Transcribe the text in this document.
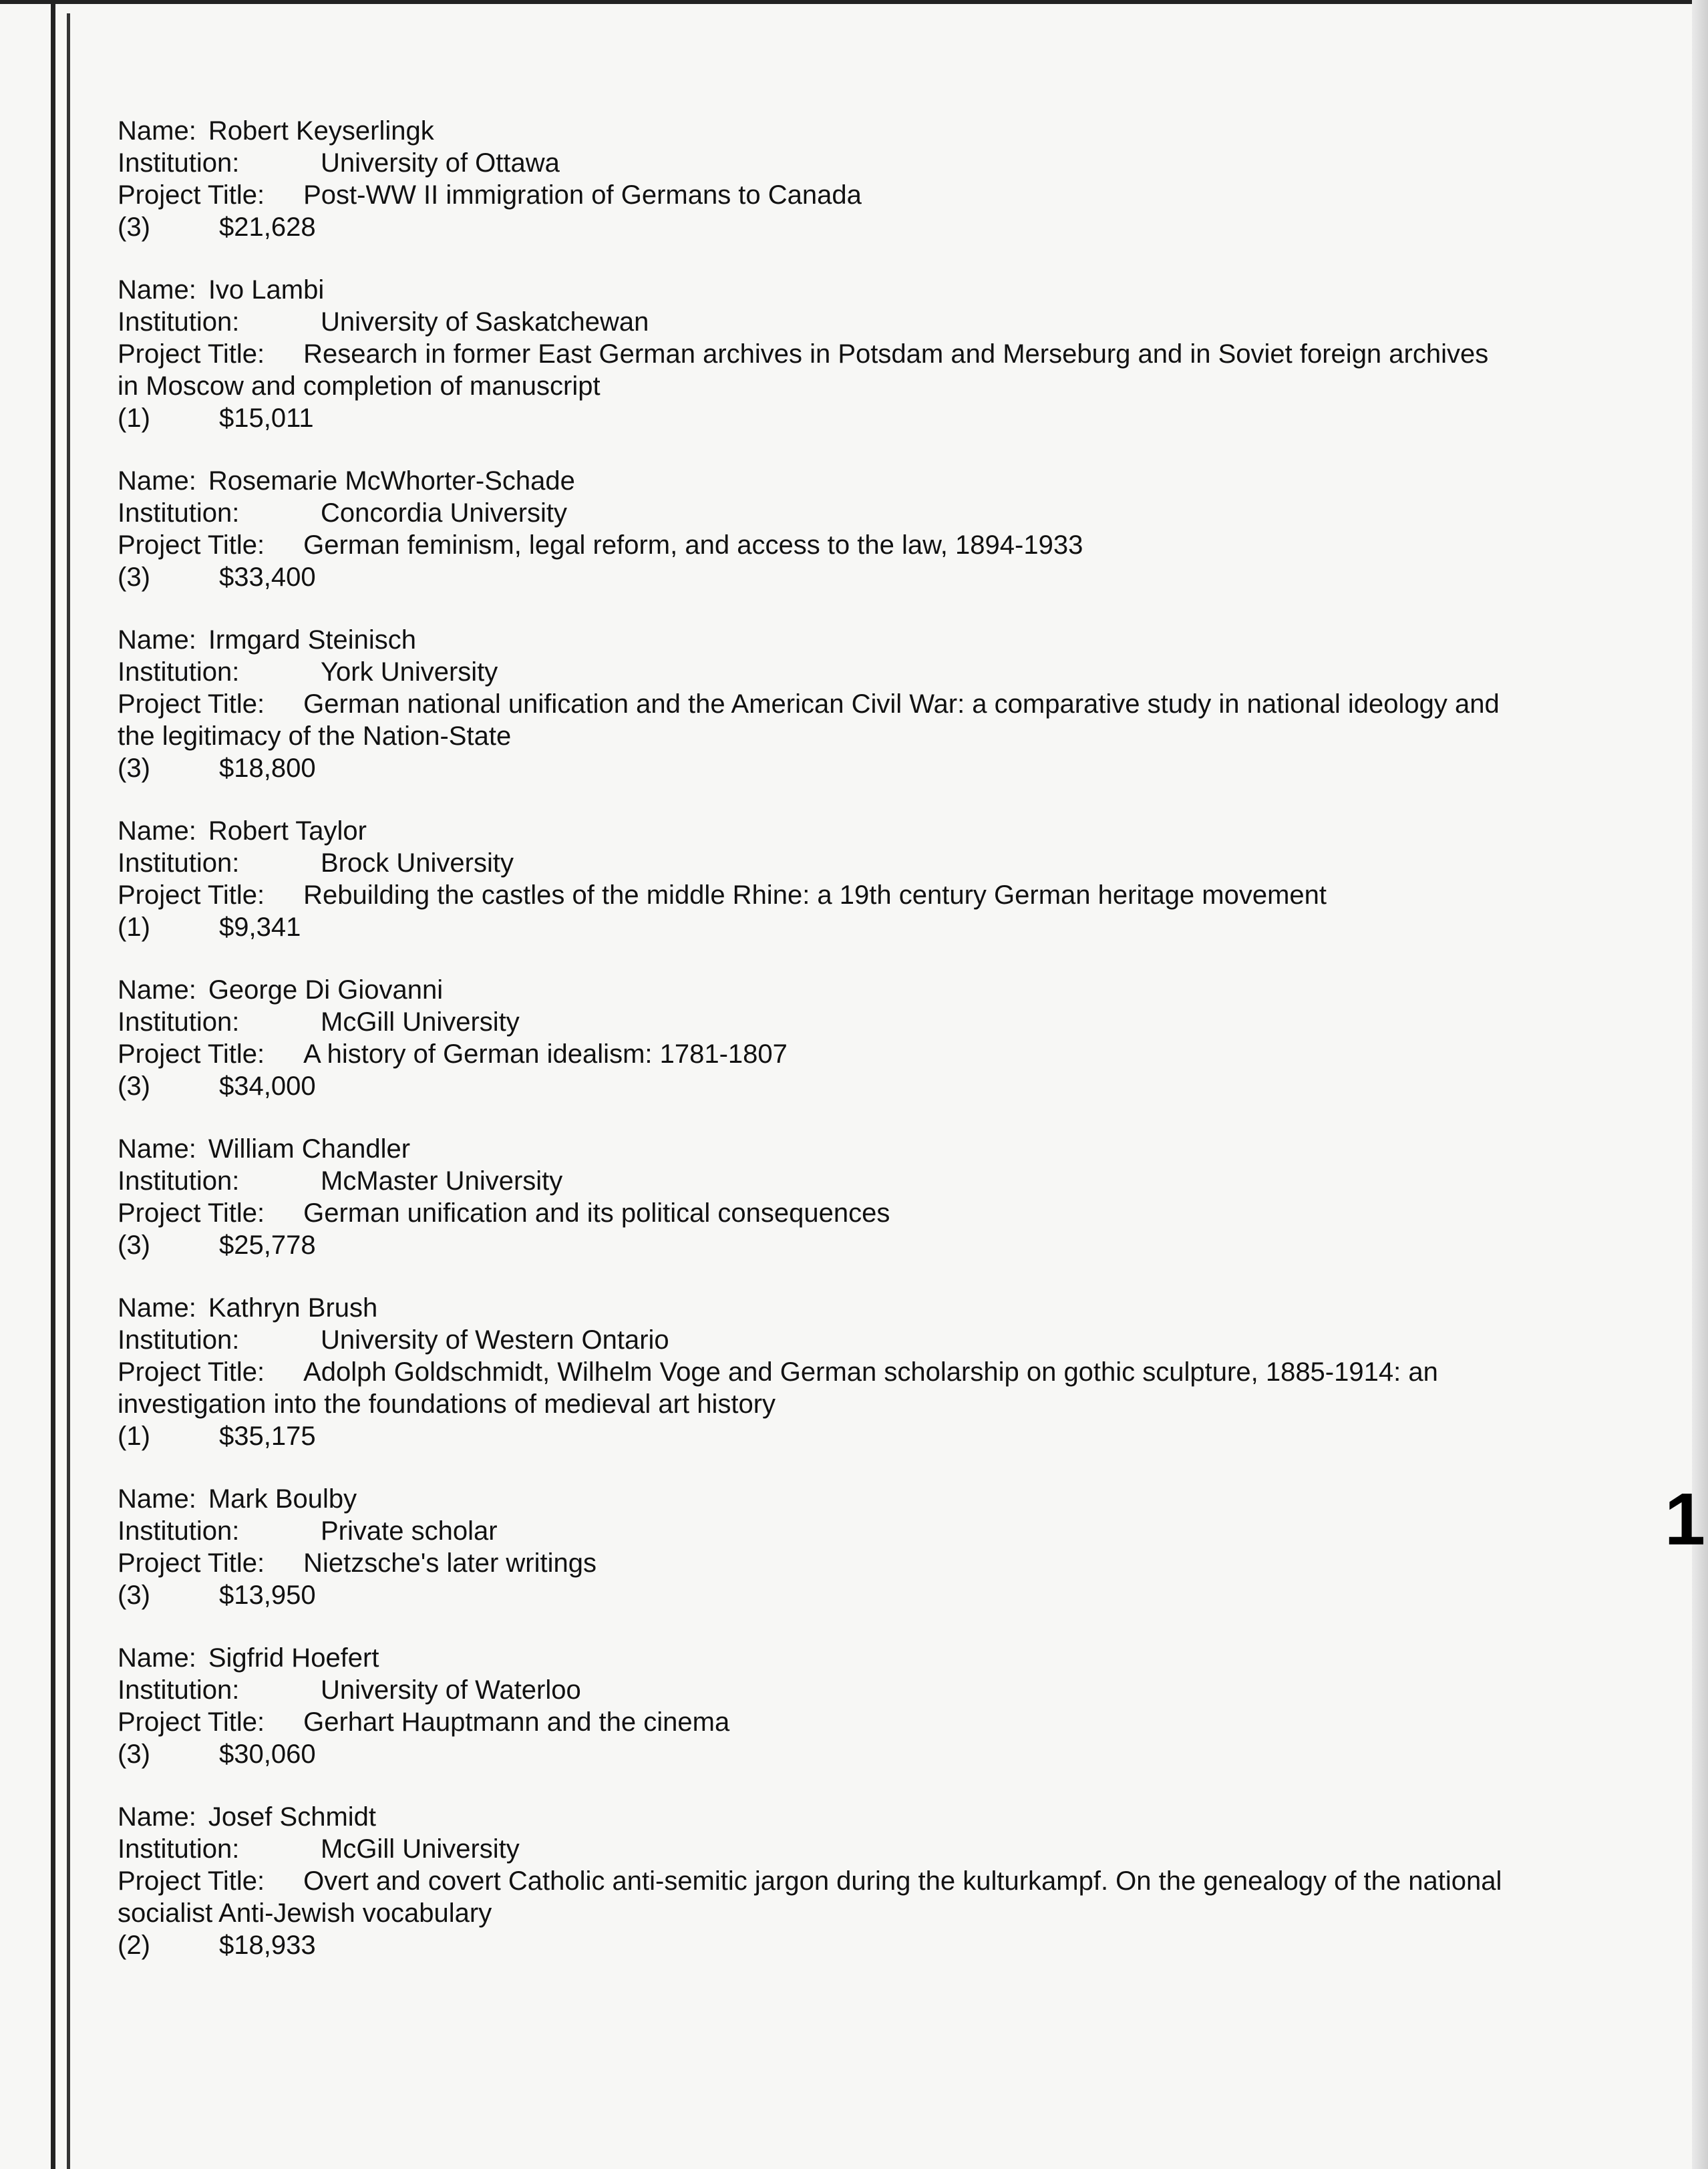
1
Name: Robert Keyserlingk
Institution:	University of Ottawa
Project Title: Post-WW II immigration of Germans to Canada
(3)	$21,628
Name: Ivo Lambi
Institution:	University of Saskatchewan
Project Title: Research in former East German archives in Potsdam and Merseburg and in Soviet foreign archives in Moscow and completion of manuscript
(1)	$15,011
Name: Rosemarie McWhorter-Schade
Institution:	Concordia University
Project Title: German feminism, legal reform, and access to the law, 1894-1933
(3)	$33,400
Name: Irmgard Steinisch
Institution:	York University
Project Title: German national unification and the American Civil War: a comparative study in national ideology and the legitimacy of the Nation-State
(3)	$18,800
Name: Robert Taylor
Institution:	Brock University
Project Title: Rebuilding the castles of the middle Rhine: a 19th century German heritage movement
(1)	$9,341
Name: George Di Giovanni
Institution:	McGill University
Project Title: A history of German idealism: 1781-1807
(3)	$34,000
Name: William Chandler
Institution:	McMaster University
Project Title: German unification and its political consequences
(3)	$25,778
Name: Kathryn Brush
Institution:	University of Western Ontario
Project Title: Adolph Goldschmidt, Wilhelm Voge and German scholarship on gothic sculpture, 1885-1914: an investigation into the foundations of medieval art history
(1)	$35,175
Name: Mark Boulby
Institution:	Private scholar
Project Title: Nietzsche's later writings
(3)	$13,950
Name: Sigfrid Hoefert
Institution:	University of Waterloo
Project Title: Gerhart Hauptmann and the cinema
(3)	$30,060
Name: Josef Schmidt
Institution:	McGill University
Project Title: Overt and covert Catholic anti-semitic jargon during the kulturkampf. On the genealogy of the national socialist Anti-Jewish vocabulary
(2)	$18,933
